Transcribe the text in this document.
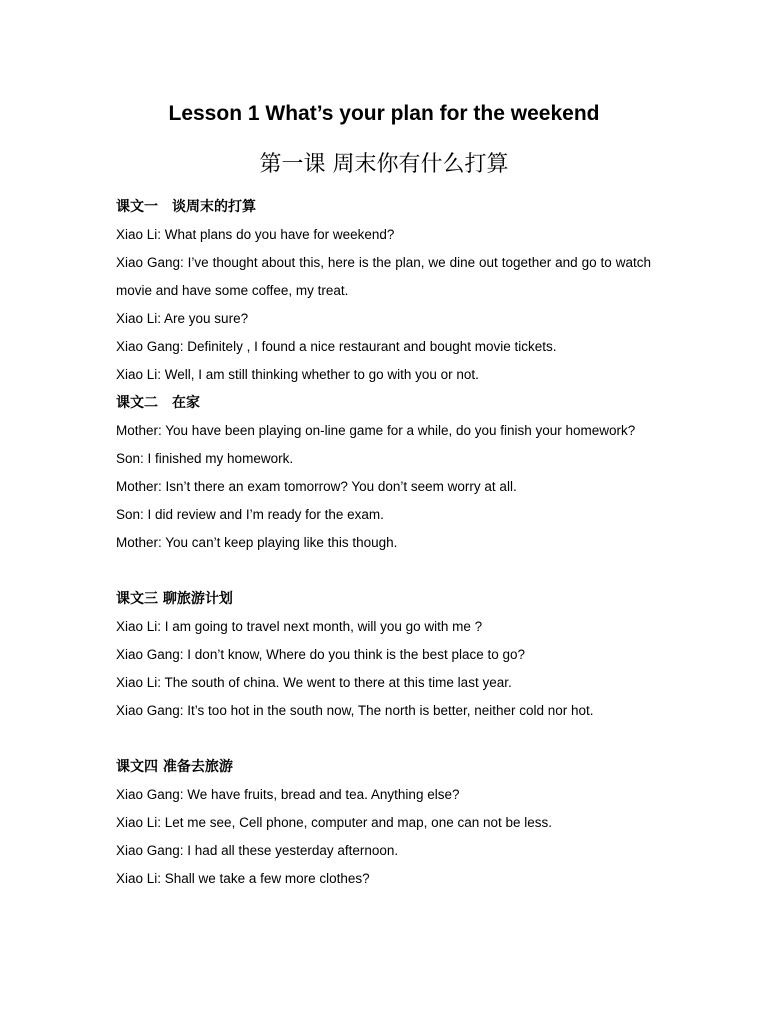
Lesson 1 What’s your plan for the weekend
第一课 周末你有什么打算
课文一　谈周末的打算
Xiao Li: What plans do you have for weekend?
Xiao Gang: I’ve thought about this, here is the plan, we dine out together and go to watch movie and have some coffee, my treat.
Xiao Li: Are you sure?
Xiao Gang: Definitely , I found a nice restaurant and bought movie tickets.
Xiao Li: Well, I am still thinking whether to go with you or not.
课文二　在家
Mother: You have been playing on-line game for a while, do you finish your homework?
Son: I finished my homework.
Mother: Isn’t there an exam tomorrow? You don’t seem worry at all.
Son: I did review and I’m ready for the exam.
Mother: You can’t keep playing like this though.
课文三 聊旅游计划
Xiao Li: I am going to travel next month, will you go with me ?
Xiao Gang: I don’t know, Where do you think is the best place to go?
Xiao Li: The south of china. We went to there at this time last year.
Xiao Gang: It’s too hot in the south now, The north is better, neither cold nor hot.
课文四 准备去旅游
Xiao Gang: We have fruits, bread and tea. Anything else?
Xiao Li: Let me see, Cell phone, computer and map, one can not be less.
Xiao Gang: I had all these yesterday afternoon.
Xiao Li: Shall we take a few more clothes?
